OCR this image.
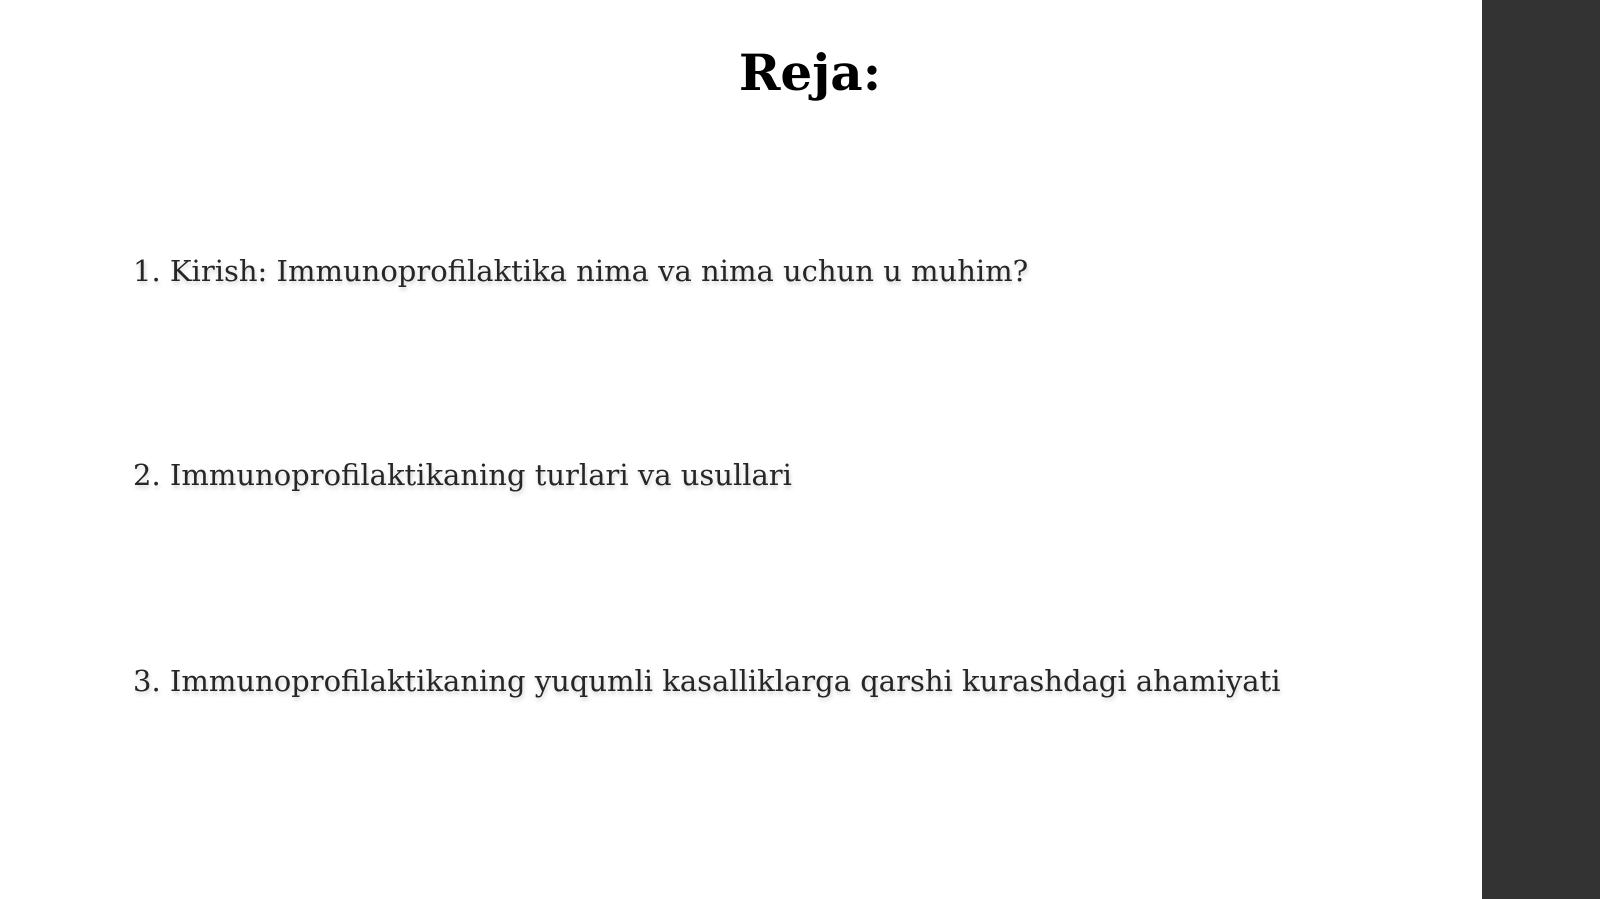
Reja:
1. Kirish: Immunoprofilaktika nima va nima uchun u muhim?
2. Immunoprofilaktikaning turlari va usullari
3. Immunoprofilaktikaning yuqumli kasalliklarga qarshi kurashdagi ahamiyati
